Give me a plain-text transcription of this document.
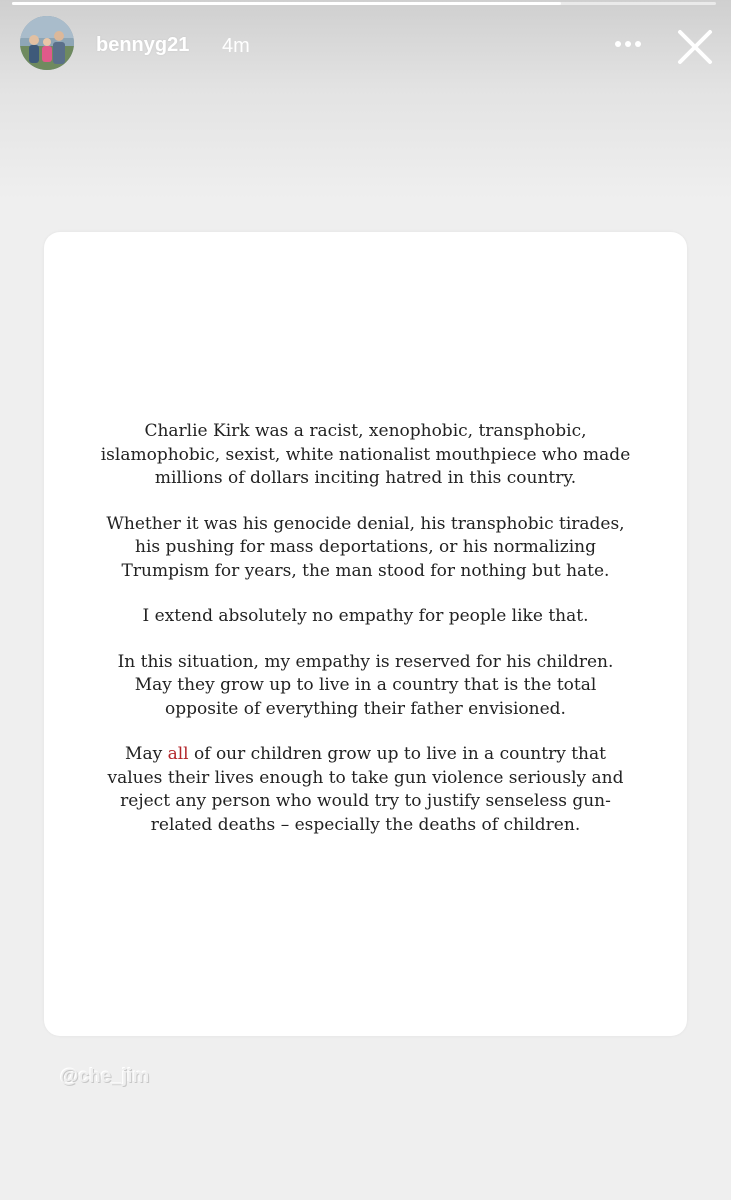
bennyg21 4m

Charlie Kirk was a racist, xenophobic, transphobic,
islamophobic, sexist, white nationalist mouthpiece who made
millions of dollars inciting hatred in this country.

Whether it was his genocide denial, his transphobic tirades,
his pushing for mass deportations, or his normalizing
Trumpism for years, the man stood for nothing but hate.

I extend absolutely no empathy for people like that.

In this situation, my empathy is reserved for his children.
May they grow up to live in a country that is the total
opposite of everything their father envisioned.

May all of our children grow up to live in a country that
values their lives enough to take gun violence seriously and
reject any person who would try to justify senseless gun-
related deaths – especially the deaths of children.

@che_jim
